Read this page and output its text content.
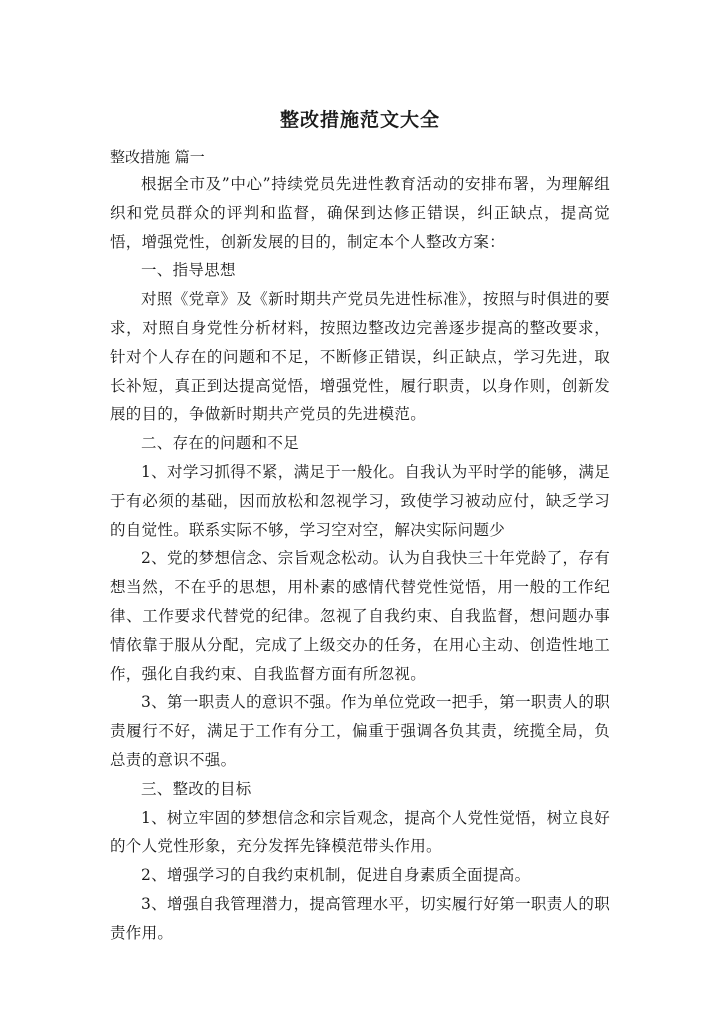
整改措施范文大全

整改措施 篇一

根据全市及”中心”持续党员先进性教育活动的安排布署，为理解组织和党员群众的评判和监督，确保到达修正错误，纠正缺点，提高觉悟，增强党性，创新发展的目的，制定本个人整改方案：

一、指导思想

对照《党章》及《新时期共产党员先进性标准》，按照与时俱进的要求，对照自身党性分析材料，按照边整改边完善逐步提高的整改要求，针对个人存在的问题和不足，不断修正错误，纠正缺点，学习先进，取长补短，真正到达提高觉悟，增强党性，履行职责，以身作则，创新发展的目的，争做新时期共产党员的先进模范。

二、存在的问题和不足

1、对学习抓得不紧，满足于一般化。自我认为平时学的能够，满足于有必须的基础，因而放松和忽视学习，致使学习被动应付，缺乏学习的自觉性。联系实际不够，学习空对空，解决实际问题少

2、党的梦想信念、宗旨观念松动。认为自我快三十年党龄了，存有想当然，不在乎的思想，用朴素的感情代替党性觉悟，用一般的工作纪律、工作要求代替党的纪律。忽视了自我约束、自我监督，想问题办事情依靠于服从分配，完成了上级交办的任务，在用心主动、创造性地工作，强化自我约束、自我监督方面有所忽视。

3、第一职责人的意识不强。作为单位党政一把手，第一职责人的职责履行不好，满足于工作有分工，偏重于强调各负其责，统揽全局，负总责的意识不强。

三、整改的目标

1、树立牢固的梦想信念和宗旨观念，提高个人党性觉悟，树立良好的个人党性形象，充分发挥先锋模范带头作用。

2、增强学习的自我约束机制，促进自身素质全面提高。

3、增强自我管理潜力，提高管理水平，切实履行好第一职责人的职责作用。
